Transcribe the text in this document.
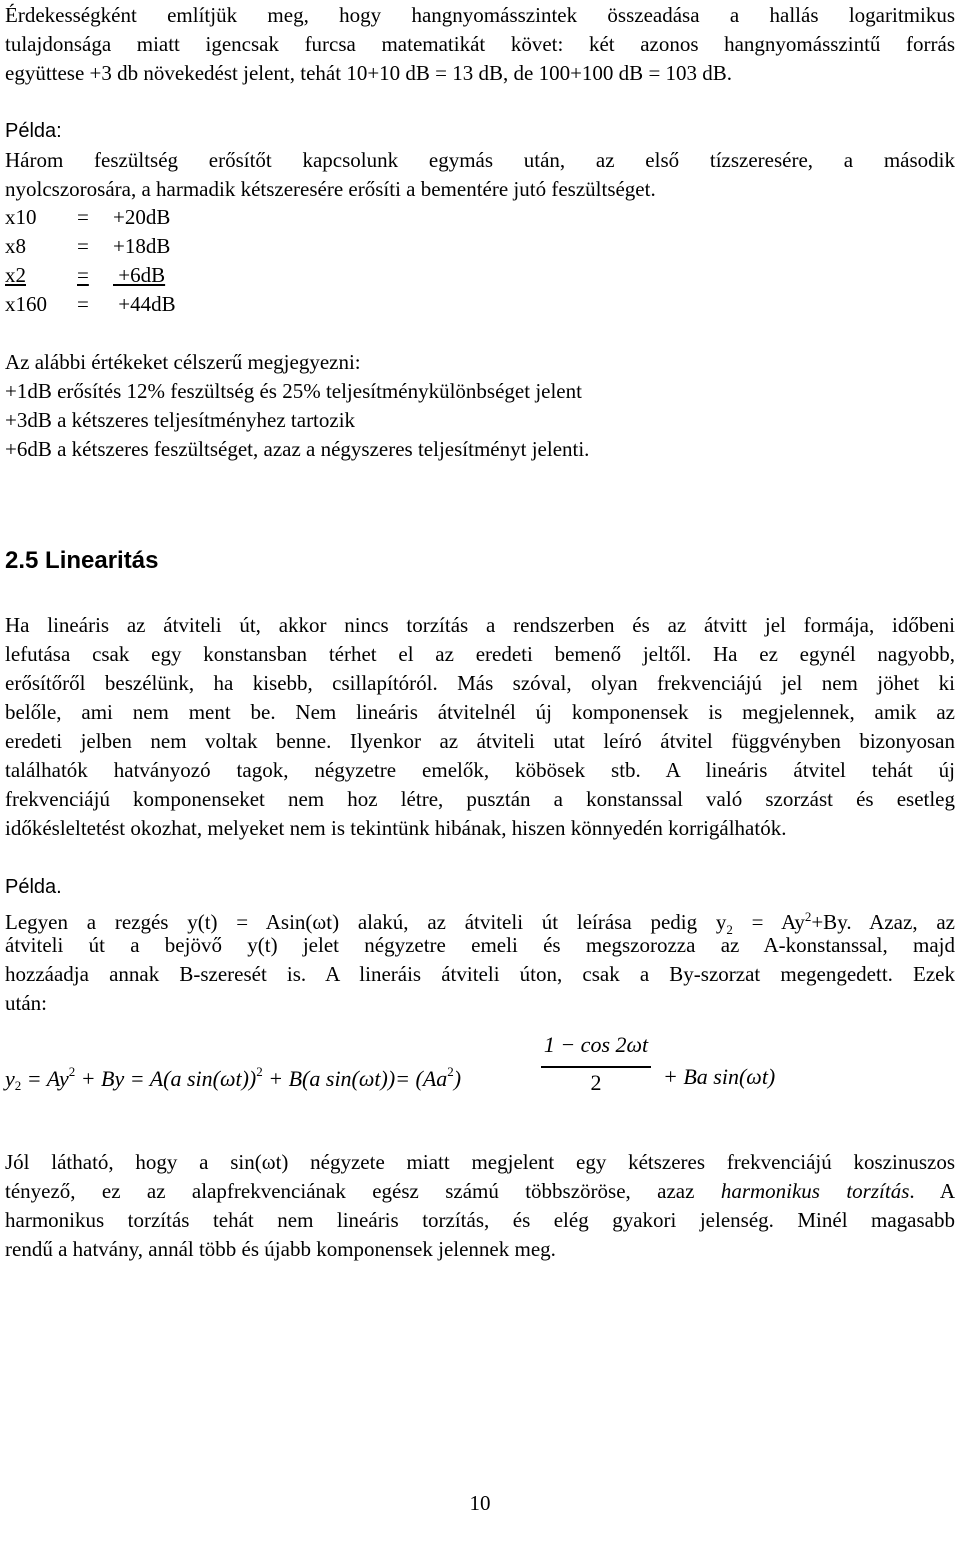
Érdekességként említjük meg, hogy hangnyomásszintek összeadása a hallás logaritmikus
tulajdonsága miatt igencsak furcsa matematikát követ: két azonos hangnyomásszintű forrás
együttese +3 db növekedést jelent, tehát 10+10 dB = 13 dB, de 100+100 dB = 103 dB.
Példa:
Három feszültség erősítőt kapcsolunk egymás után, az első tízszeresére, a második
nyolcszorosára, a harmadik kétszeresére erősíti a bementére jutó feszültséget.
x10 = +20dB
x8 = +18dB
x2 = +6dB
x160 = +44dB
Az alábbi értékeket célszerű megjegyezni:
+1dB erősítés 12% feszültség és 25% teljesítménykülönbséget jelent
+3dB a kétszeres teljesítményhez tartozik
+6dB a kétszeres feszültséget, azaz a négyszeres teljesítményt jelenti.
2.5 Linearitás
Ha lineáris az átviteli út, akkor nincs torzítás a rendszerben és az átvitt jel formája, időbeni
lefutása csak egy konstansban térhet el az eredeti bemenő jeltől. Ha ez egynél nagyobb,
erősítőről beszélünk, ha kisebb, csillapítóról. Más szóval, olyan frekvenciájú jel nem jöhet ki
belőle, ami nem ment be. Nem lineáris átvitelnél új komponensek is megjelennek, amik az
eredeti jelben nem voltak benne. Ilyenkor az átviteli utat leíró átvitel függvényben bizonyosan
találhatók hatványozó tagok, négyzetre emelők, köbösek stb. A lineáris átvitel tehát új
frekvenciájú komponenseket nem hoz létre, pusztán a konstanssal való szorzást és esetleg
időkésleltetést okozhat, melyeket nem is tekintünk hibának, hiszen könnyedén korrigálhatók.
Példa.
Legyen a rezgés y(t) = Asin(ωt) alakú, az átviteli út leírása pedig $y_2 = Ay^2+By$. Azaz, az
átviteli út a bejövő y(t) jelet négyzetre emeli és megszorozza az A-konstanssal, majd
hozzáadja annak B-szeresét is. A lineráis átviteli úton, csak a By-szorzat megengedett. Ezek
után:
$y_2 = Ay^2 + By = A(a$ sin(ωt))$^2$ + B(a $\sin(\omega t))= (Aa^2)$
1 − cos 2ωt
2	+ Ba sin(ωt)
Jól látható, hogy a sin(ωt) négyzete miatt megjelent egy kétszeres frekvenciájú koszinuszos
tényező, ez az alapfrekvenciának egész számú többszöröse, azaz harmonikus torzítás. A
harmonikus torzítás tehát nem lineáris torzítás, és elég gyakori jelenség. Minél magasabb
rendű a hatvány, annál több és újabb komponensek jelennek meg.
10
